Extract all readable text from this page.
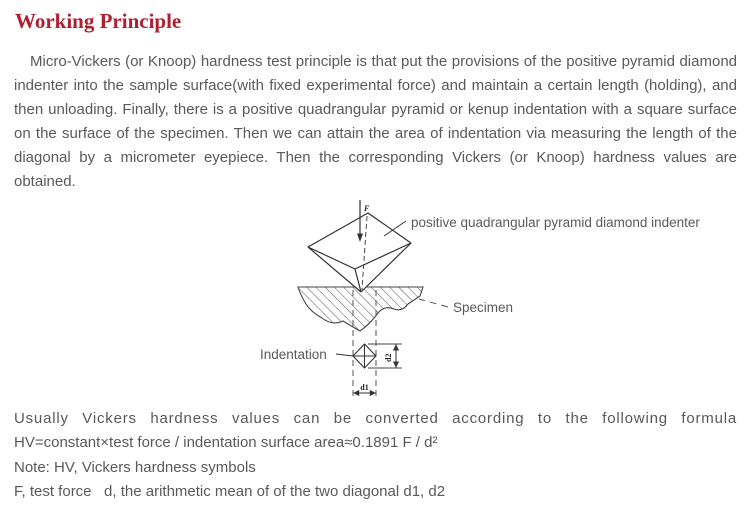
Working Principle
Micro-Vickers (or Knoop) hardness test principle is that put the provisions of the positive pyramid diamond indenter into the sample surface(with fixed experimental force) and maintain a certain length (holding), and then unloading. Finally, there is a positive quadrangular pyramid or kenup indentation with a square surface on the surface of the specimen. Then we can attain the area of indentation via measuring the length of the diagonal by a micrometer eyepiece. Then the corresponding Vickers (or Knoop) hardness values are obtained.
F
positive quadrangular pyramid diamond indenter
Specimen
Indentation	d2
d1
Usually Vickers hardness values can be converted according to the following formula
HV=constant×test force / indentation surface area≈0.1891 F / d²
Note: HV, Vickers hardness symbols
F, test force   d, the arithmetic mean of of the two diagonal d1, d2
